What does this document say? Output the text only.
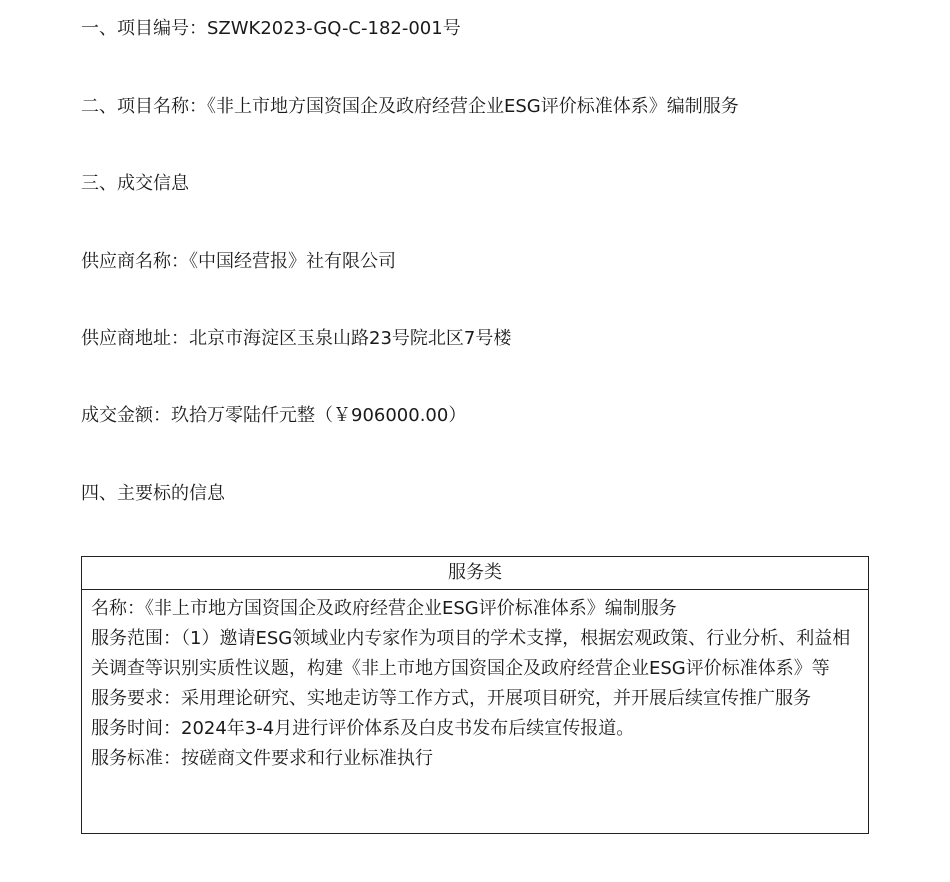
一、项目编号：SZWK2023-GQ-C-182-001号
二、项目名称：《非上市地方国资国企及政府经营企业ESG评价标准体系》编制服务
三、成交信息
供应商名称：《中国经营报》社有限公司
供应商地址：北京市海淀区玉泉山路23号院北区7号楼
成交金额：玖拾万零陆仟元整（￥906000.00）
四、主要标的信息
服务类

名称：《非上市地方国资国企及政府经营企业ESG评价标准体系》编制服务

服务范围：（1）邀请ESG领域业内专家作为项目的学术支撑，根据宏观政策、行业分析、利益相关调查等识别实质性议题，构建《非上市地方国资国企及政府经营企业ESG评价标准体系》等

服务要求：采用理论研究、实地走访等工作方式，开展项目研究，并开展后续宣传推广服务

服务时间：2024年3-4月进行评价体系及白皮书发布后续宣传报道。

服务标准：按磋商文件要求和行业标准执行
